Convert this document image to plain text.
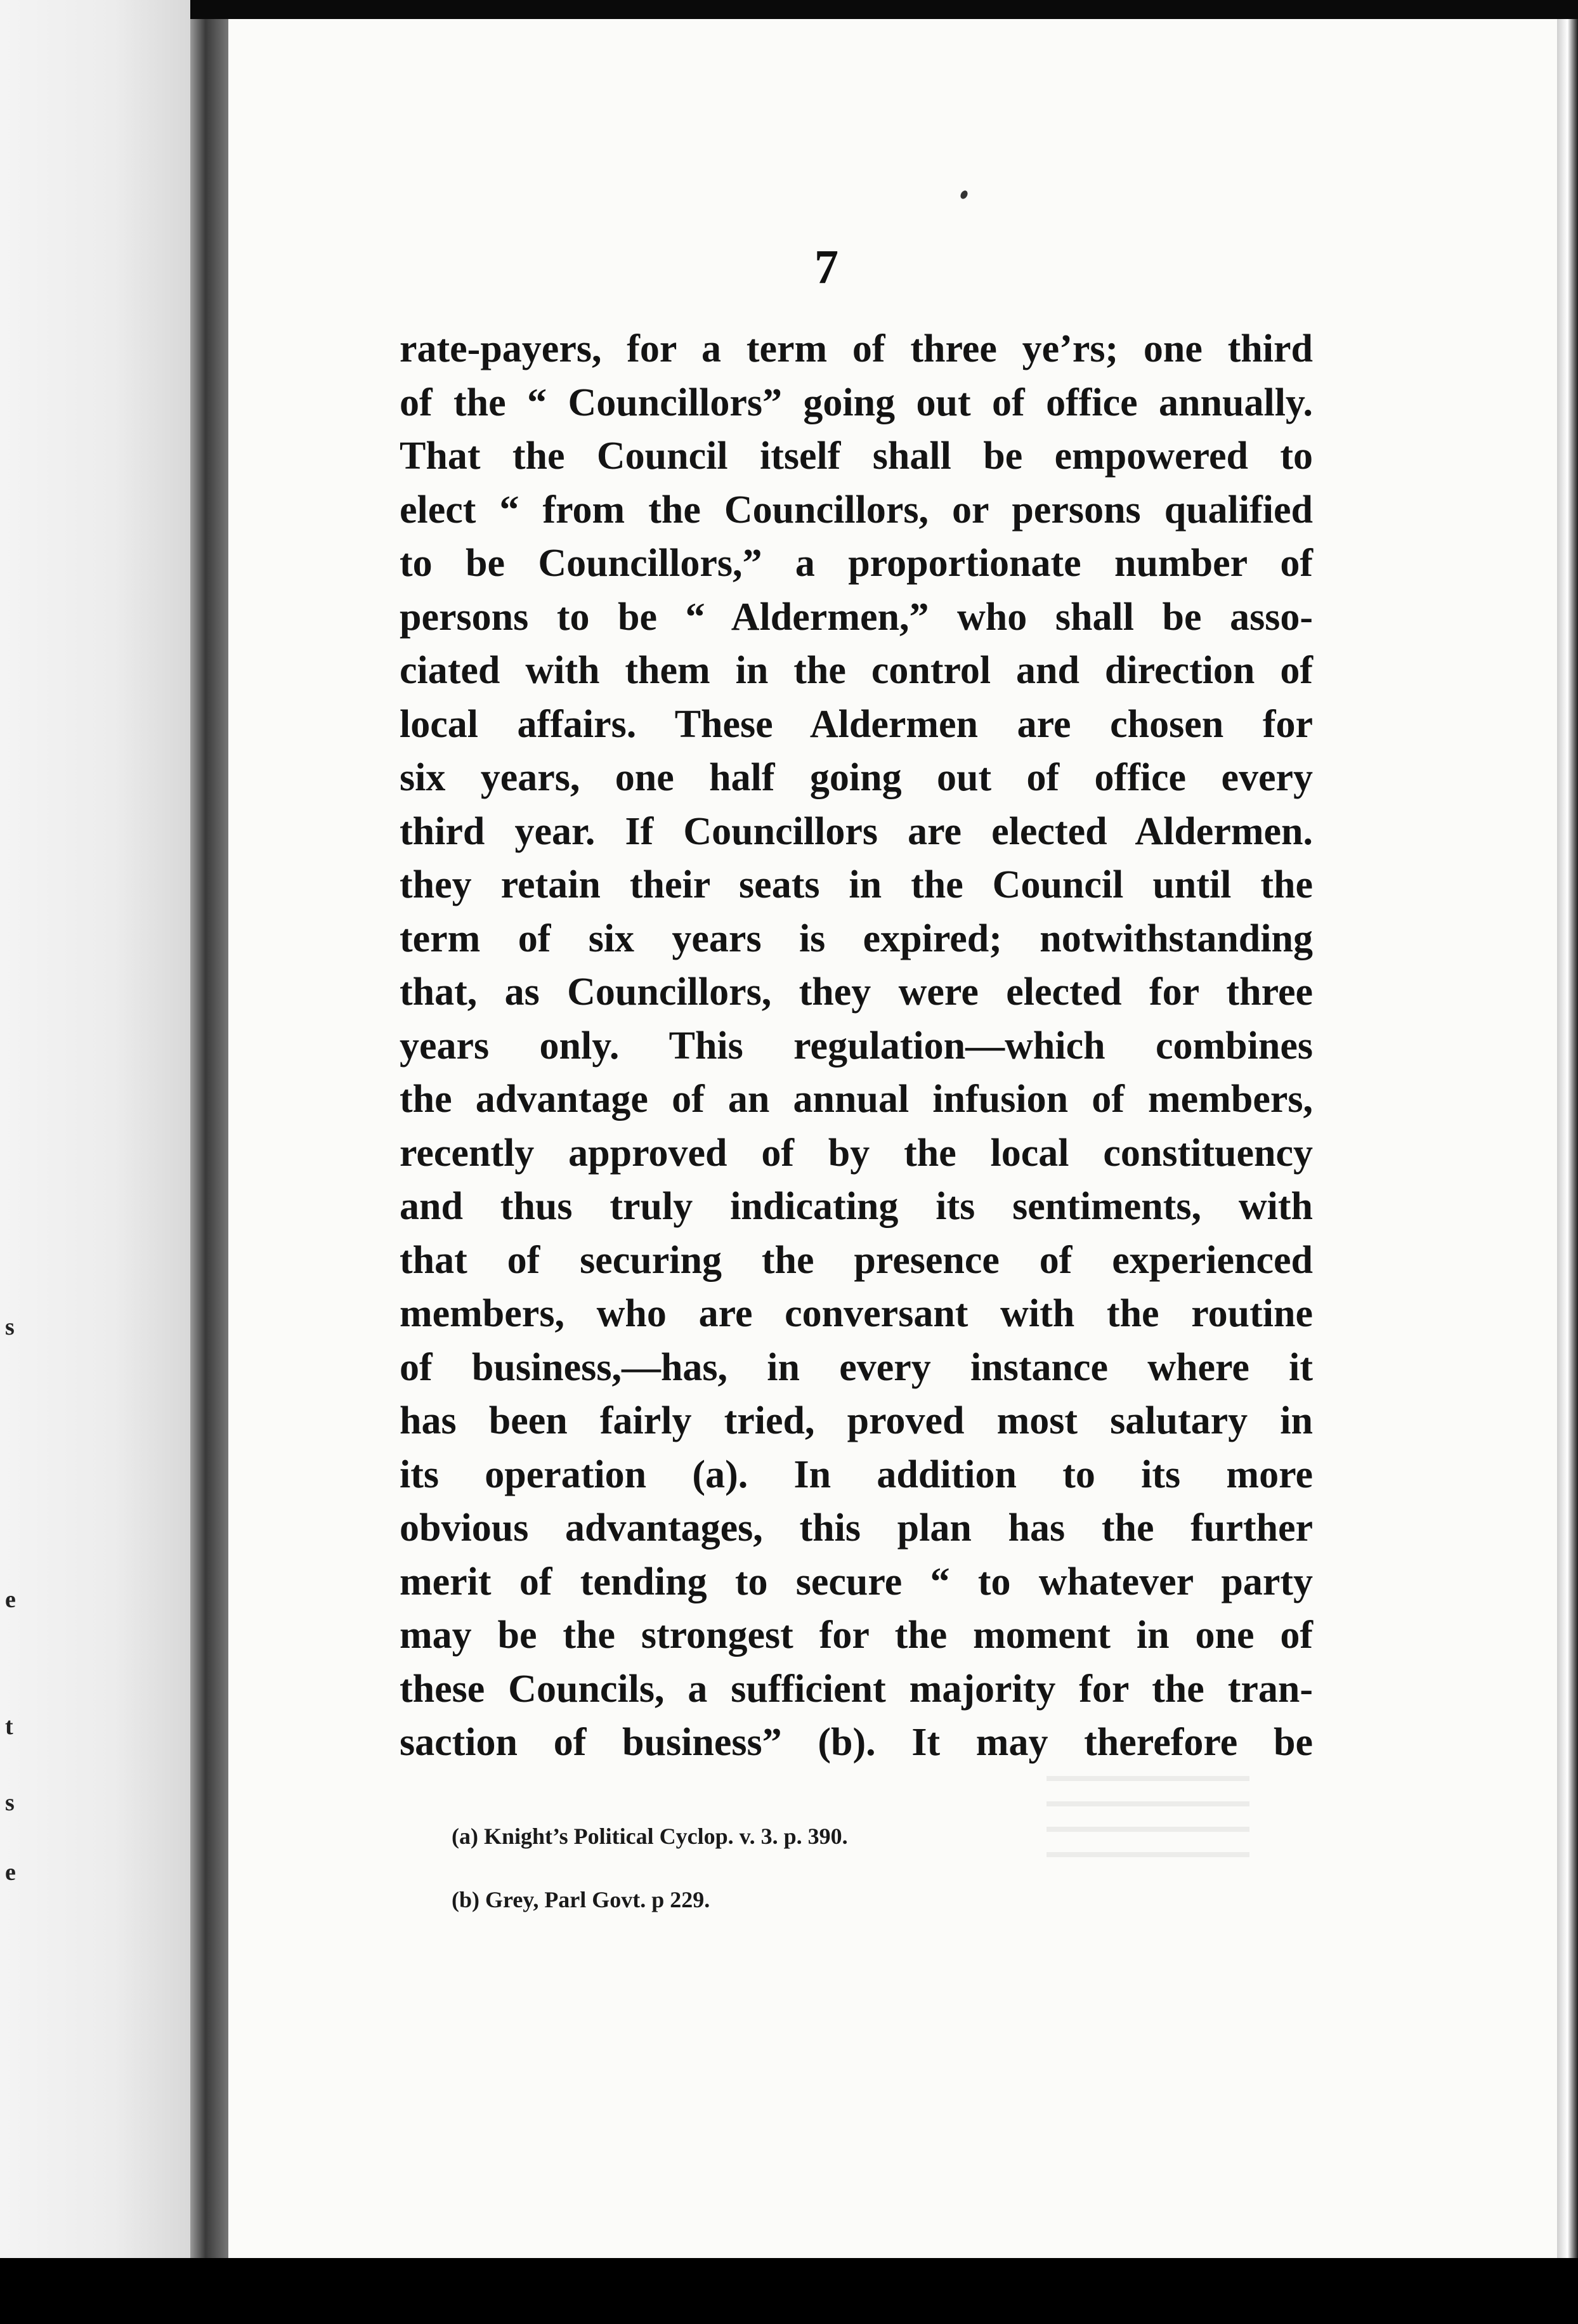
s
e
t
s
e
7
rate-payers, for a term of three ye’rs; one third
of the “ Councillors” going out of office annually.
That the Council itself shall be empowered to
elect “ from the Councillors, or persons qualified
to be Councillors,” a proportionate number of
persons to be “ Aldermen,” who shall be asso-
ciated with them in the control and direction of
local affairs. These Aldermen are chosen for
six years, one half going out of office every
third year. If Councillors are elected Aldermen.
they retain their seats in the Council until the
term of six years is expired; notwithstanding
that, as Councillors, they were elected for three
years only. This regulation—which combines
the advantage of an annual infusion of members,
recently approved of by the local constituency
and thus truly indicating its sentiments, with
that of securing the presence of experienced
members, who are conversant with the routine
of business,—has, in every instance where it
has been fairly tried, proved most salutary in
its operation (a). In addition to its more
obvious advantages, this plan has the further
merit of tending to secure “ to whatever party
may be the strongest for the moment in one of
these Councils, a sufficient majority for the tran-
saction of business” (b). It may therefore be
(a) Knight’s Political Cyclop. v. 3. p. 390.
(b) Grey, Parl Govt. p 229.
